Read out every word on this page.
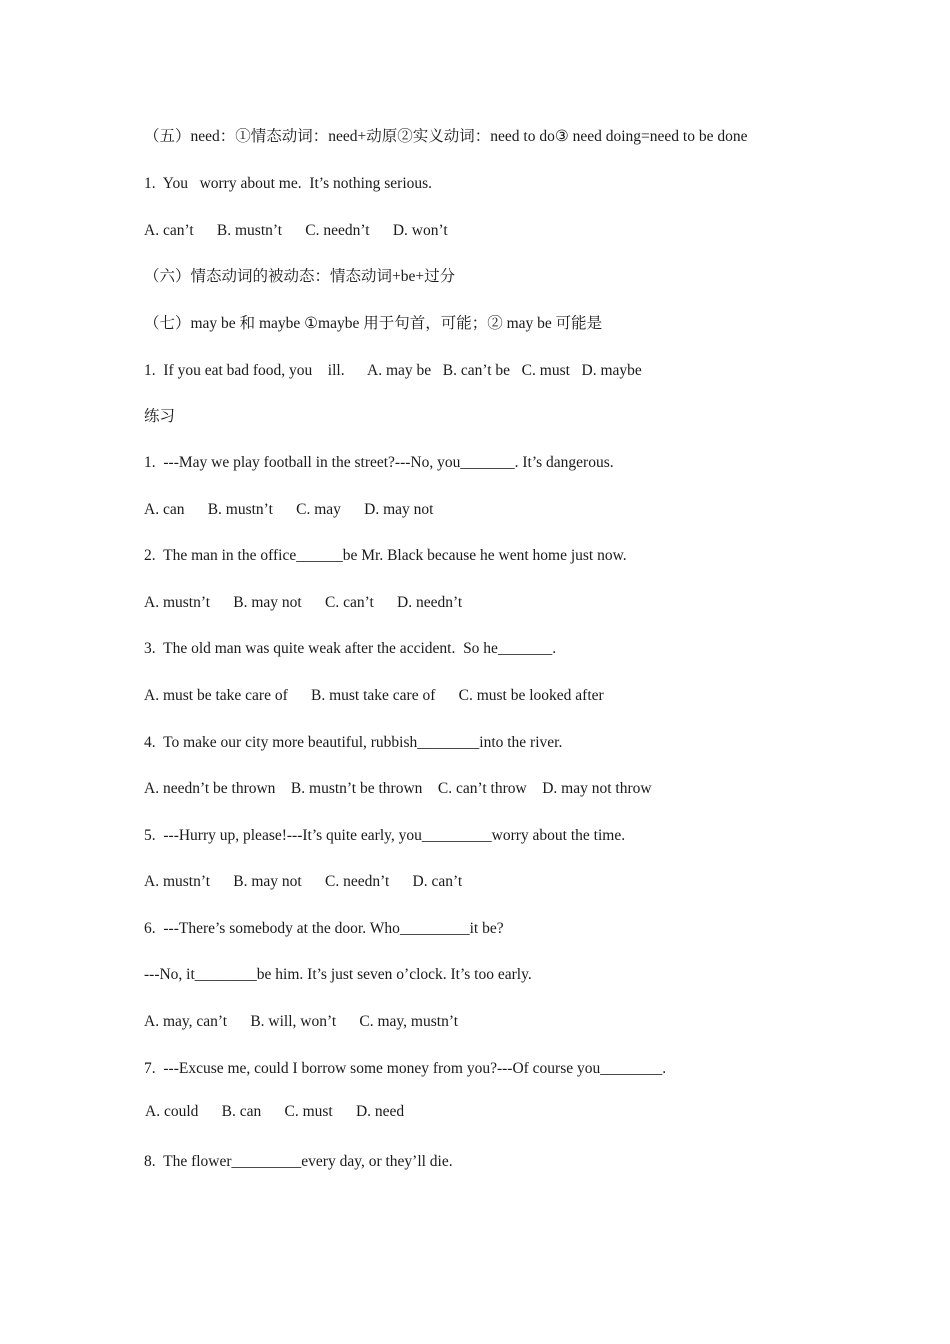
（五）need：①情态动词：need+动原②实义动词：need to do③ need doing=need to be done
1.  You   worry about me.  It’s nothing serious.
A. can’t      B. mustn’t      C. needn’t      D. won’t
（六）情态动词的被动态：情态动词+be+过分
（七）may be 和 maybe ①maybe 用于句首，可能；② may be 可能是
1.  If you eat bad food, you    ill.      A. may be   B. can’t be   C. must   D. maybe
练习
1.  ---May we play football in the street?---No, you_______. It’s dangerous.
A. can      B. mustn’t      C. may      D. may not
2.  The man in the office______be Mr. Black because he went home just now.
A. mustn’t      B. may not      C. can’t      D. needn’t
3.  The old man was quite weak after the accident.  So he_______.
A. must be take care of      B. must take care of      C. must be looked after
4.  To make our city more beautiful, rubbish________into the river.
A. needn’t be thrown    B. mustn’t be thrown    C. can’t throw    D. may not throw
5.  ---Hurry up, please!---It’s quite early, you_________worry about the time.
A. mustn’t      B. may not      C. needn’t      D. can’t
6.  ---There’s somebody at the door. Who_________it be?
---No, it________be him. It’s just seven o’clock. It’s too early.
A. may, can’t      B. will, won’t      C. may, mustn’t
7.  ---Excuse me, could I borrow some money from you?---Of course you________.
A. could      B. can      C. must      D. need
8.  The flower_________every day, or they’ll die.
